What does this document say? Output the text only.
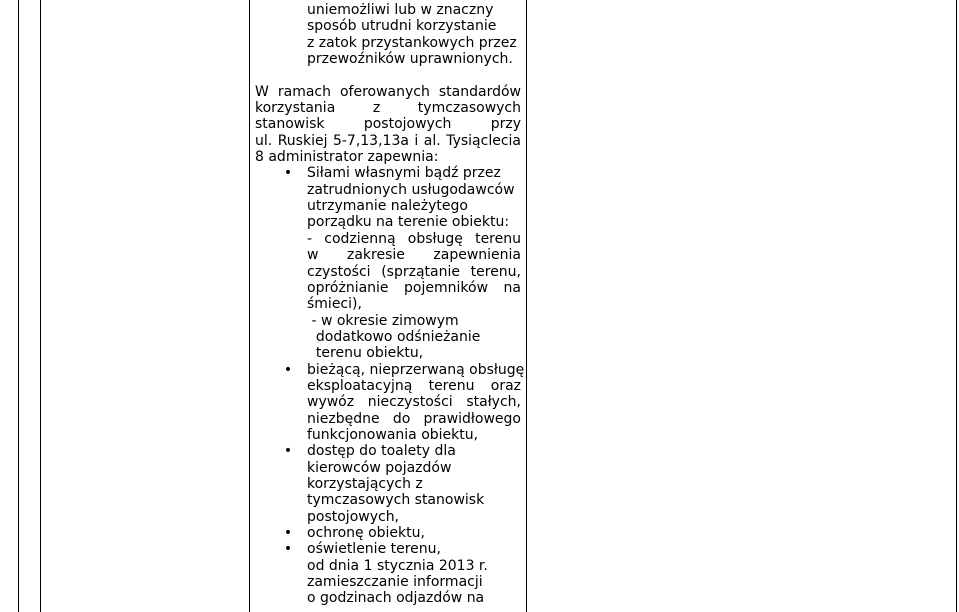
uniemożliwi lub w znaczny
sposób utrudni korzystanie
z zatok przystankowych przez
przewoźników uprawnionych.
W ramach oferowanych standardów
korzystania z tymczasowych
stanowisk postojowych przy
ul. Ruskiej 5-7,13,13a i al. Tysiąclecia
8 administrator zapewnia:
• Siłami własnymi bądź przez
zatrudnionych usługodawców
utrzymanie należytego
porządku na terenie obiektu:
- codzienną obsługę terenu
w zakresie zapewnienia
czystości (sprzątanie terenu,
opróżnianie pojemników na
śmieci),
- w okresie zimowym
dodatkowo odśnieżanie
terenu obiektu,
• bieżącą, nieprzerwaną obsługę
eksploatacyjną terenu oraz
wywóz nieczystości stałych,
niezbędne do prawidłowego
funkcjonowania obiektu,
• dostęp do toalety dla
kierowców pojazdów
korzystających z
tymczasowych stanowisk
postojowych,
• ochronę obiektu,
• oświetlenie terenu,
od dnia 1 stycznia 2013 r.
zamieszczanie informacji
o godzinach odjazdów na
